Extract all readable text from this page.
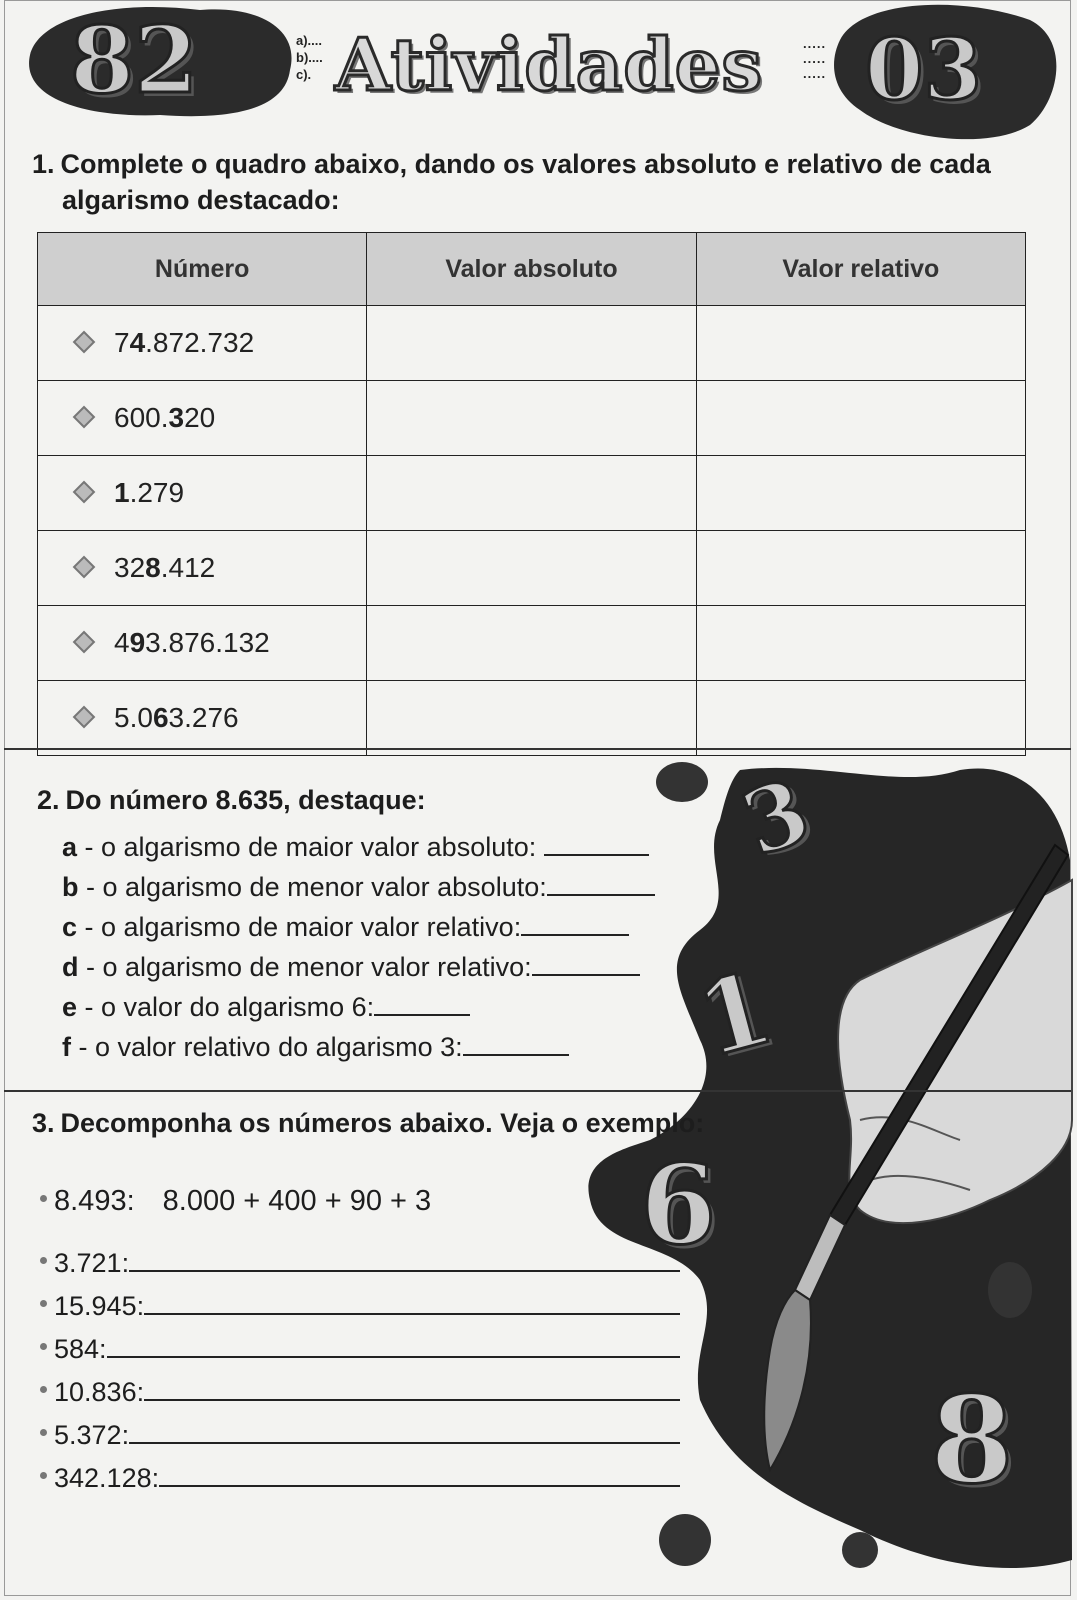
82	03
a)....
b)....
c). Atividades	.....
.....
.....
1. Complete o quadro abaixo, dando os valores absoluto e relativo de cada
algarismo destacado:
Número	Valor absoluto	Valor relativo
74.872.732		
600.320		
1.279		
328.412		
493.876.132		
5.063.276		
3
1
6
8
2. Do número 8.635, destaque:
a - o algarismo de maior valor absoluto:
b - o algarismo de menor valor absoluto:
c - o algarismo de maior valor relativo:
d - o algarismo de menor valor relativo:
e - o valor do algarismo 6:
f - o valor relativo do algarismo 3:
3. Decomponha os números abaixo. Veja o exemplo:
8.493: 8.000 + 400 + 90 + 3
3.721:
15.945:
584:
10.836:
5.372:
342.128:
